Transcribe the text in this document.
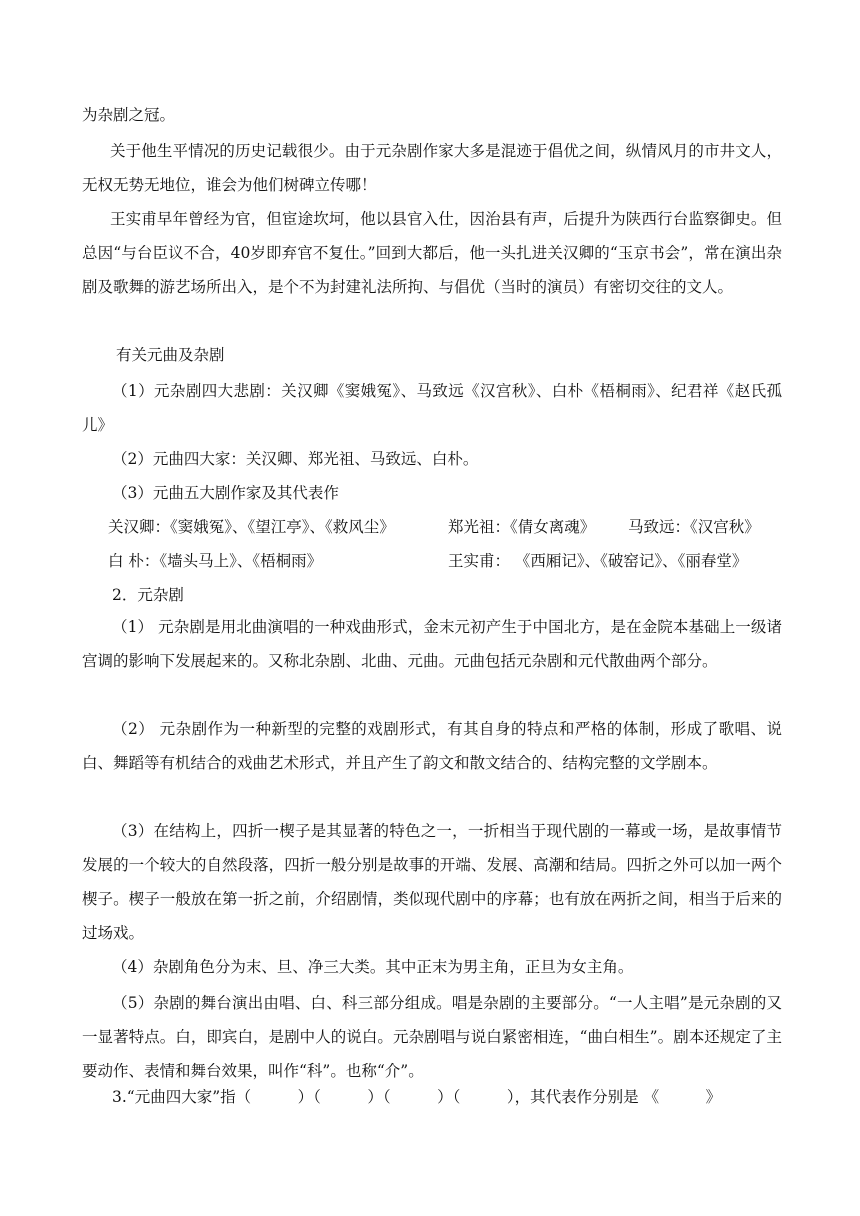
为杂剧之冠。

关于他生平情况的历史记载很少。由于元杂剧作家大多是混迹于倡优之间，纵情风月的市井文人，无权无势无地位，谁会为他们树碑立传哪！

王实甫早年曾经为官，但宦途坎坷，他以县官入仕，因治县有声，后提升为陕西行台监察御史。但总因“与台臣议不合，40岁即弃官不复仕。”回到大都后，他一头扎进关汉卿的“玉京书会”，常在演出杂剧及歌舞的游艺场所出入，是个不为封建礼法所拘、与倡优（当时的演员）有密切交往的文人。

有关元曲及杂剧

（1）元杂剧四大悲剧：关汉卿《窦娥冤》、马致远《汉宫秋》、白朴《梧桐雨》、纪君祥《赵氏孤儿》

（2）元曲四大家：关汉卿、郑光祖、马致远、白朴。

（3）元曲五大剧作家及其代表作

关汉卿：《窦娥冤》、《望江亭》、《救风尘》	郑光祖：《倩女离魂》 马致远：《汉宫秋》

白 朴：《墙头马上》、《梧桐雨》	王实甫： 《西厢记》、《破窑记》、《丽春堂》

2．元杂剧

（1） 元杂剧是用北曲演唱的一种戏曲形式，金末元初产生于中国北方，是在金院本基础上一级诸宫调的影响下发展起来的。又称北杂剧、北曲、元曲。元曲包括元杂剧和元代散曲两个部分。

（2） 元杂剧作为一种新型的完整的戏剧形式，有其自身的特点和严格的体制，形成了歌唱、说白、舞蹈等有机结合的戏曲艺术形式，并且产生了韵文和散文结合的、结构完整的文学剧本。

（3）在结构上，四折一楔子是其显著的特色之一，一折相当于现代剧的一幕或一场，是故事情节发展的一个较大的自然段落，四折一般分别是故事的开端、发展、高潮和结局。四折之外可以加一两个楔子。楔子一般放在第一折之前，介绍剧情，类似现代剧中的序幕；也有放在两折之间，相当于后来的过场戏。

（4）杂剧角色分为末、旦、净三大类。其中正末为男主角，正旦为女主角。

（5）杂剧的舞台演出由唱、白、科三部分组成。唱是杂剧的主要部分。“一人主唱”是元杂剧的又一显著特点。白，即宾白，是剧中人的说白。元杂剧唱与说白紧密相连，“曲白相生”。剧本还规定了主要动作、表情和舞台效果，叫作“科”。也称“介”。

3.“元曲四大家”指（　　　）（　　　）（　　　）（　　　），其代表作分别是 《　　　》
